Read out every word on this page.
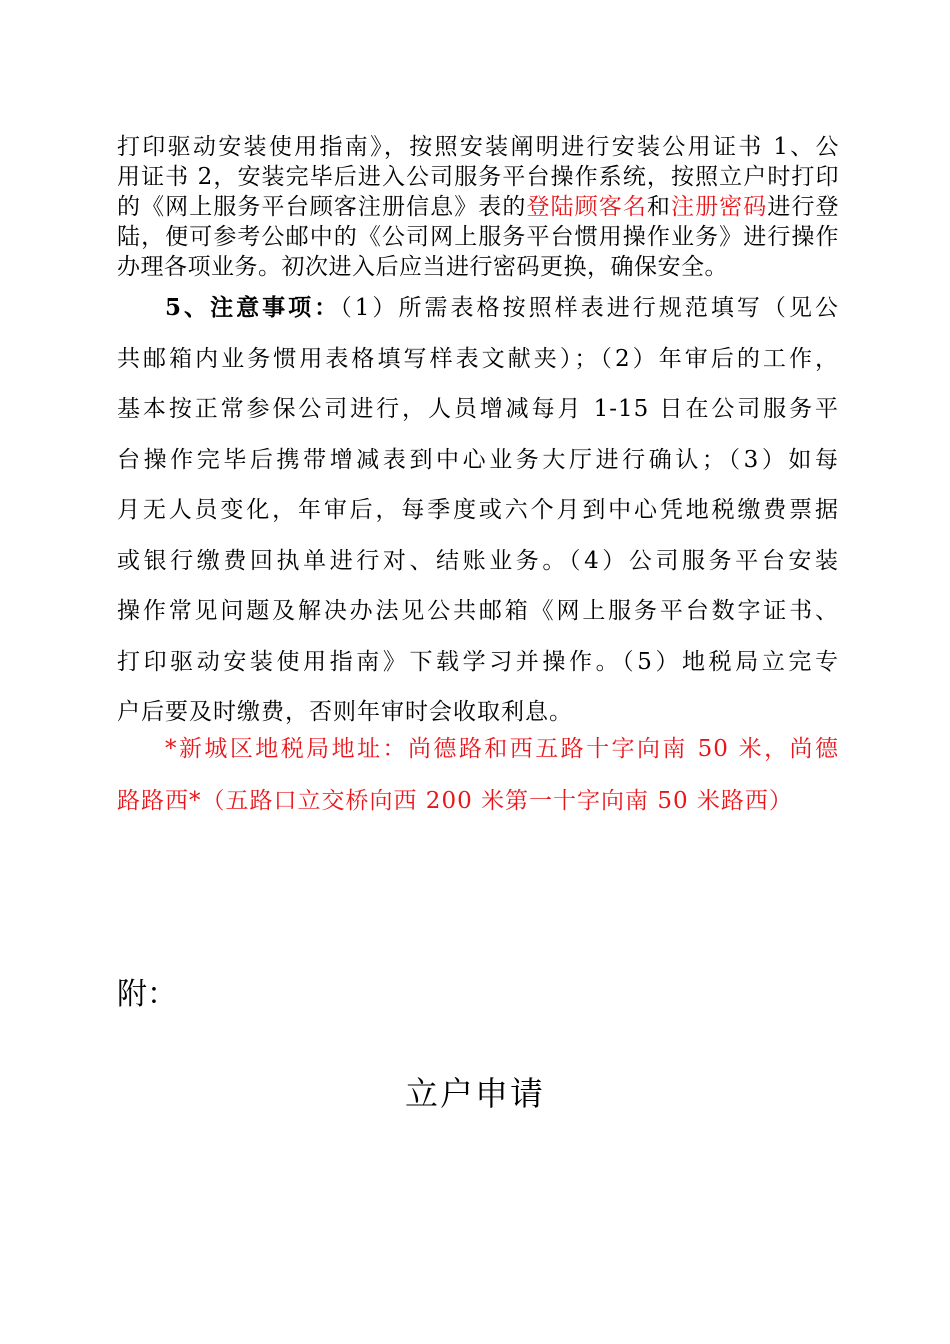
打印驱动安装使用指南》，按照安装阐明进行安装公用证书 1、公
用证书 2，安装完毕后进入公司服务平台操作系统，按照立户时打印
的《网上服务平台顾客注册信息》表的登陆顾客名和注册密码进行登
陆，便可参考公邮中的《公司网上服务平台惯用操作业务》进行操作
办理各项业务。初次进入后应当进行密码更换，确保安全。
5、注意事项：（1）所需表格按照样表进行规范填写（见公
共邮箱内业务惯用表格填写样表文献夹）；（2）年审后的工作，
基本按正常参保公司进行，人员增减每月 1-15 日在公司服务平
台操作完毕后携带增减表到中心业务大厅进行确认；（3）如每
月无人员变化，年审后，每季度或六个月到中心凭地税缴费票据
或银行缴费回执单进行对、结账业务。（4）公司服务平台安装
操作常见问题及解决办法见公共邮箱《网上服务平台数字证书、
打印驱动安装使用指南》下载学习并操作。（5）地税局立完专
户后要及时缴费，否则年审时会收取利息。
*新城区地税局地址：尚德路和西五路十字向南 50 米，尚德
路路西*（五路口立交桥向西 200 米第一十字向南 50 米路西）
附：
立户申请
